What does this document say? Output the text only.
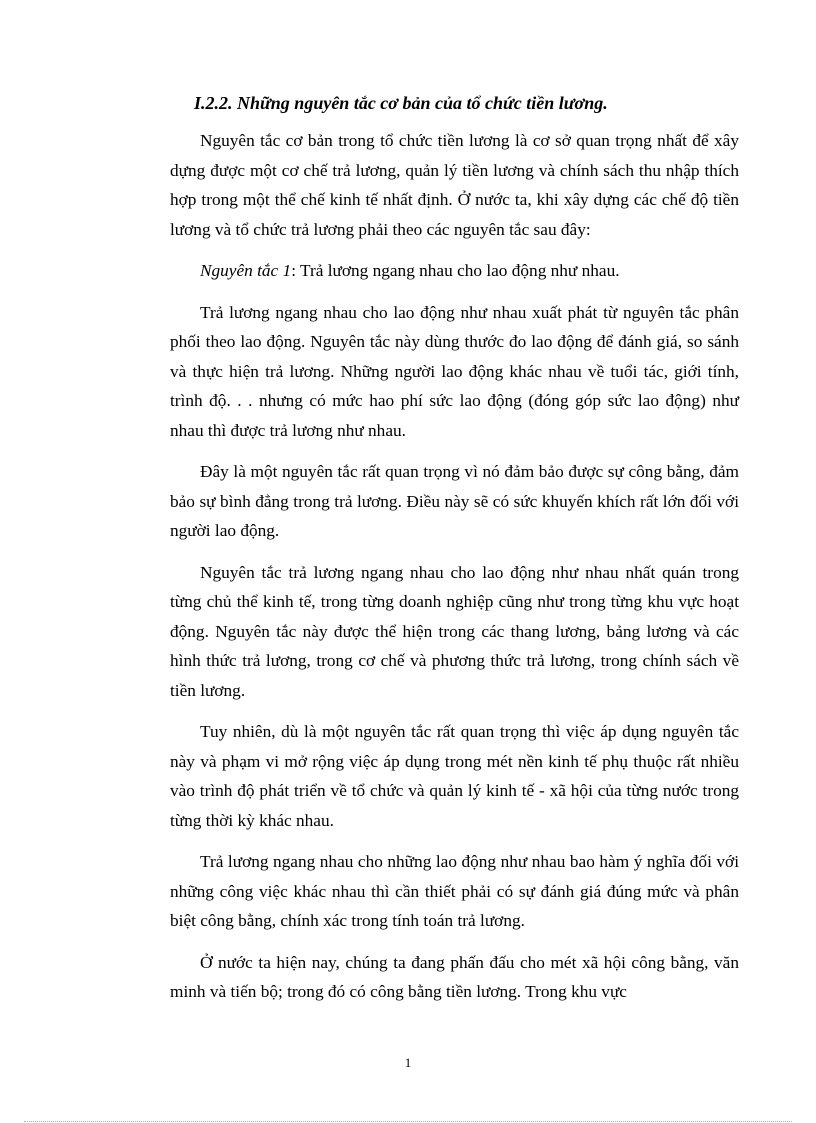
I.2.2. Những nguyên tắc cơ bản của tổ chức tiền lương.

Nguyên tắc cơ bản trong tổ chức tiền lương là cơ sở quan trọng nhất để xây dựng được một cơ chế trả lương, quản lý tiền lương và chính sách thu nhập thích hợp trong một thể chế kinh tế nhất định. Ở nước ta, khi xây dựng các chế độ tiền lương và tổ chức trả lương phải theo các nguyên tắc sau đây:

Nguyên tắc 1: Trả lương ngang nhau cho lao động như nhau.

Trả lương ngang nhau cho lao động như nhau xuất phát từ nguyên tắc phân phối theo lao động. Nguyên tắc này dùng thước đo lao động để đánh giá, so sánh và thực hiện trả lương. Những người lao động khác nhau về tuổi tác, giới tính, trình độ. . . nhưng có mức hao phí sức lao động (đóng góp sức lao động) như nhau thì được trả lương như nhau.

Đây là một nguyên tắc rất quan trọng vì nó đảm bảo được sự công bằng, đảm bảo sự bình đẳng trong trả lương. Điều này sẽ có sức khuyến khích rất lớn đối với người lao động.

Nguyên tắc trả lương ngang nhau cho lao động như nhau nhất quán trong từng chủ thể kinh tế, trong từng doanh nghiệp cũng như trong từng khu vực hoạt động. Nguyên tắc này được thể hiện trong các thang lương, bảng lương và các hình thức trả lương, trong cơ chế và phương thức trả lương, trong chính sách về tiền lương.

Tuy nhiên, dù là một nguyên tắc rất quan trọng thì việc áp dụng nguyên tắc này và phạm vi mở rộng việc áp dụng trong mét nền kinh tế phụ thuộc rất nhiều vào trình độ phát triển về tổ chức và quản lý kinh tế - xã hội của từng nước trong từng thời kỳ khác nhau.

Trả lương ngang nhau cho những lao động như nhau bao hàm ý nghĩa đối với những công việc khác nhau thì cần thiết phải có sự đánh giá đúng mức và phân biệt công bằng, chính xác trong tính toán trả lương.

Ở nước ta hiện nay, chúng ta đang phấn đấu cho mét xã hội công bằng, văn minh và tiến bộ; trong đó có công bằng tiền lương. Trong khu vực

1
